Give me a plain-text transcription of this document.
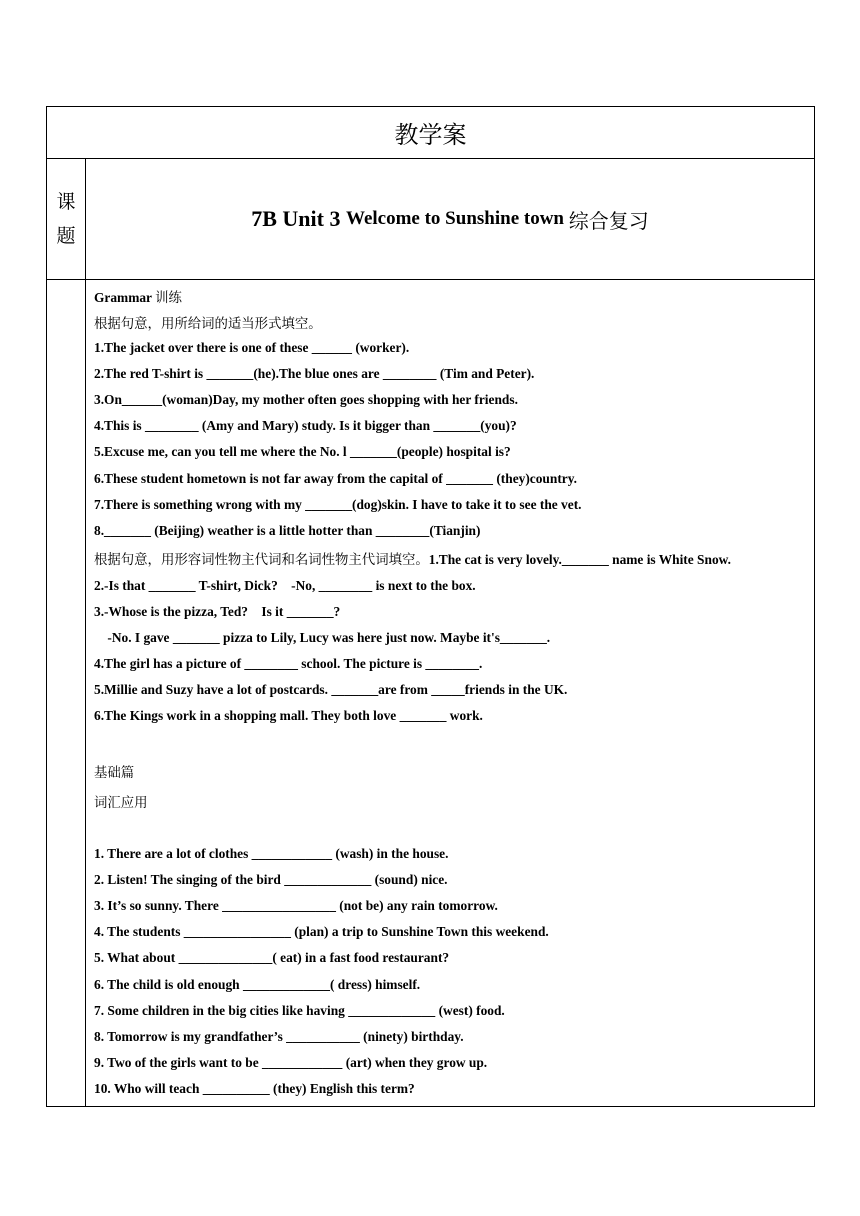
教学案
课
题
7B Unit 3 Welcome to Sunshine town 综合复习
Grammar 训练
根据句意，用所给词的适当形式填空。
1.The jacket over there is one of these ______ (worker).
2.The red T-shirt is _______(he).The blue ones are ________ (Tim and Peter).
3.On______(woman)Day, my mother often goes shopping with her friends.
4.This is ________ (Amy and Mary) study. Is it bigger than _______(you)?
5.Excuse me, can you tell me where the No. l _______(people) hospital is?
6.These student hometown is not far away from the capital of _______ (they)country.
7.There is something wrong with my _______(dog)skin. I have to take it to see the vet.
8._______ (Beijing) weather is a little hotter than ________(Tianjin)
根据句意，用形容词性物主代词和名词性物主代词填空。1.The cat is very lovely._______ name is White Snow.
2.-Is that _______ T-shirt, Dick?    -No, ________ is next to the box.
3.-Whose is the pizza, Ted?    Is it _______?
-No. I gave _______ pizza to Lily, Lucy was here just now. Maybe it's_______.
4.The girl has a picture of ________ school. The picture is ________.
5.Millie and Suzy have a lot of postcards. _______are from _____friends in the UK.
6.The Kings work in a shopping mall. They both love _______ work.
基础篇
词汇应用
1. There are a lot of clothes ____________ (wash) in the house.
2. Listen! The singing of the bird _____________ (sound) nice.
3. It’s so sunny. There _________________ (not be) any rain tomorrow.
4. The students ________________ (plan) a trip to Sunshine Town this weekend.
5. What about ______________( eat) in a fast food restaurant?
6. The child is old enough _____________( dress) himself.
7. Some children in the big cities like having _____________ (west) food.
8. Tomorrow is my grandfather’s ___________ (ninety) birthday.
9. Two of the girls want to be ____________ (art) when they grow up.
10. Who will teach __________ (they) English this term?
